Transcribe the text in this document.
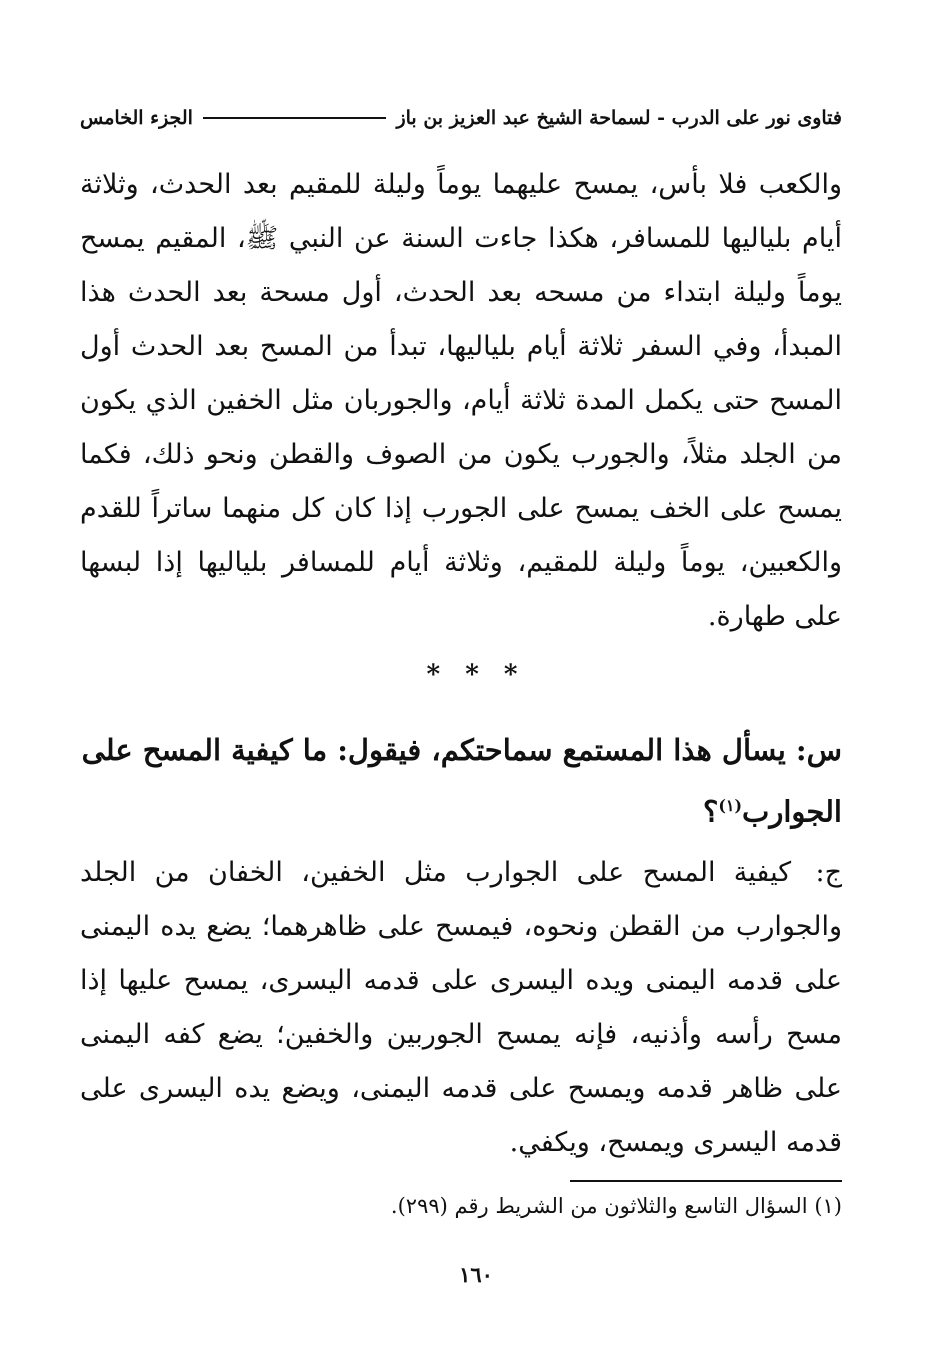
فتاوى نور على الدرب - لسماحة الشيخ عبد العزيز بن باز
الجزء الخامس
والكعب فلا بأس، يمسح عليهما يوماً وليلة للمقيم بعد الحدث، وثلاثة أيام بلياليها للمسافر، هكذا جاءت السنة عن النبي ﷺ، المقيم يمسح يوماً وليلة ابتداء من مسحه بعد الحدث، أول مسحة بعد الحدث هذا المبدأ، وفي السفر ثلاثة أيام بلياليها، تبدأ من المسح بعد الحدث أول المسح حتى يكمل المدة ثلاثة أيام، والجوربان مثل الخفين الذي يكون من الجلد مثلاً، والجورب يكون من الصوف والقطن ونحو ذلك، فكما يمسح على الخف يمسح على الجورب إذا كان كل منهما ساتراً للقدم والكعبين، يوماً وليلة للمقيم، وثلاثة أيام للمسافر بلياليها إذا لبسها على طهارة.
* * *
س: يسأل هذا المستمع سماحتكم، فيقول: ما كيفية المسح على الجوارب$^{(١)}$؟
ج: كيفية المسح على الجوارب مثل الخفين، الخفان من الجلد والجوارب من القطن ونحوه، فيمسح على ظاهرهما؛ يضع يده اليمنى على قدمه اليمنى ويده اليسرى على قدمه اليسرى، يمسح عليها إذا مسح رأسه وأذنيه، فإنه يمسح الجوربين والخفين؛ يضع كفه اليمنى على ظاهر قدمه ويمسح على قدمه اليمنى، ويضع يده اليسرى على قدمه اليسرى ويمسح، ويكفي.
(١) السؤال التاسع والثلاثون من الشريط رقم (٢٩٩).
١٦٠
